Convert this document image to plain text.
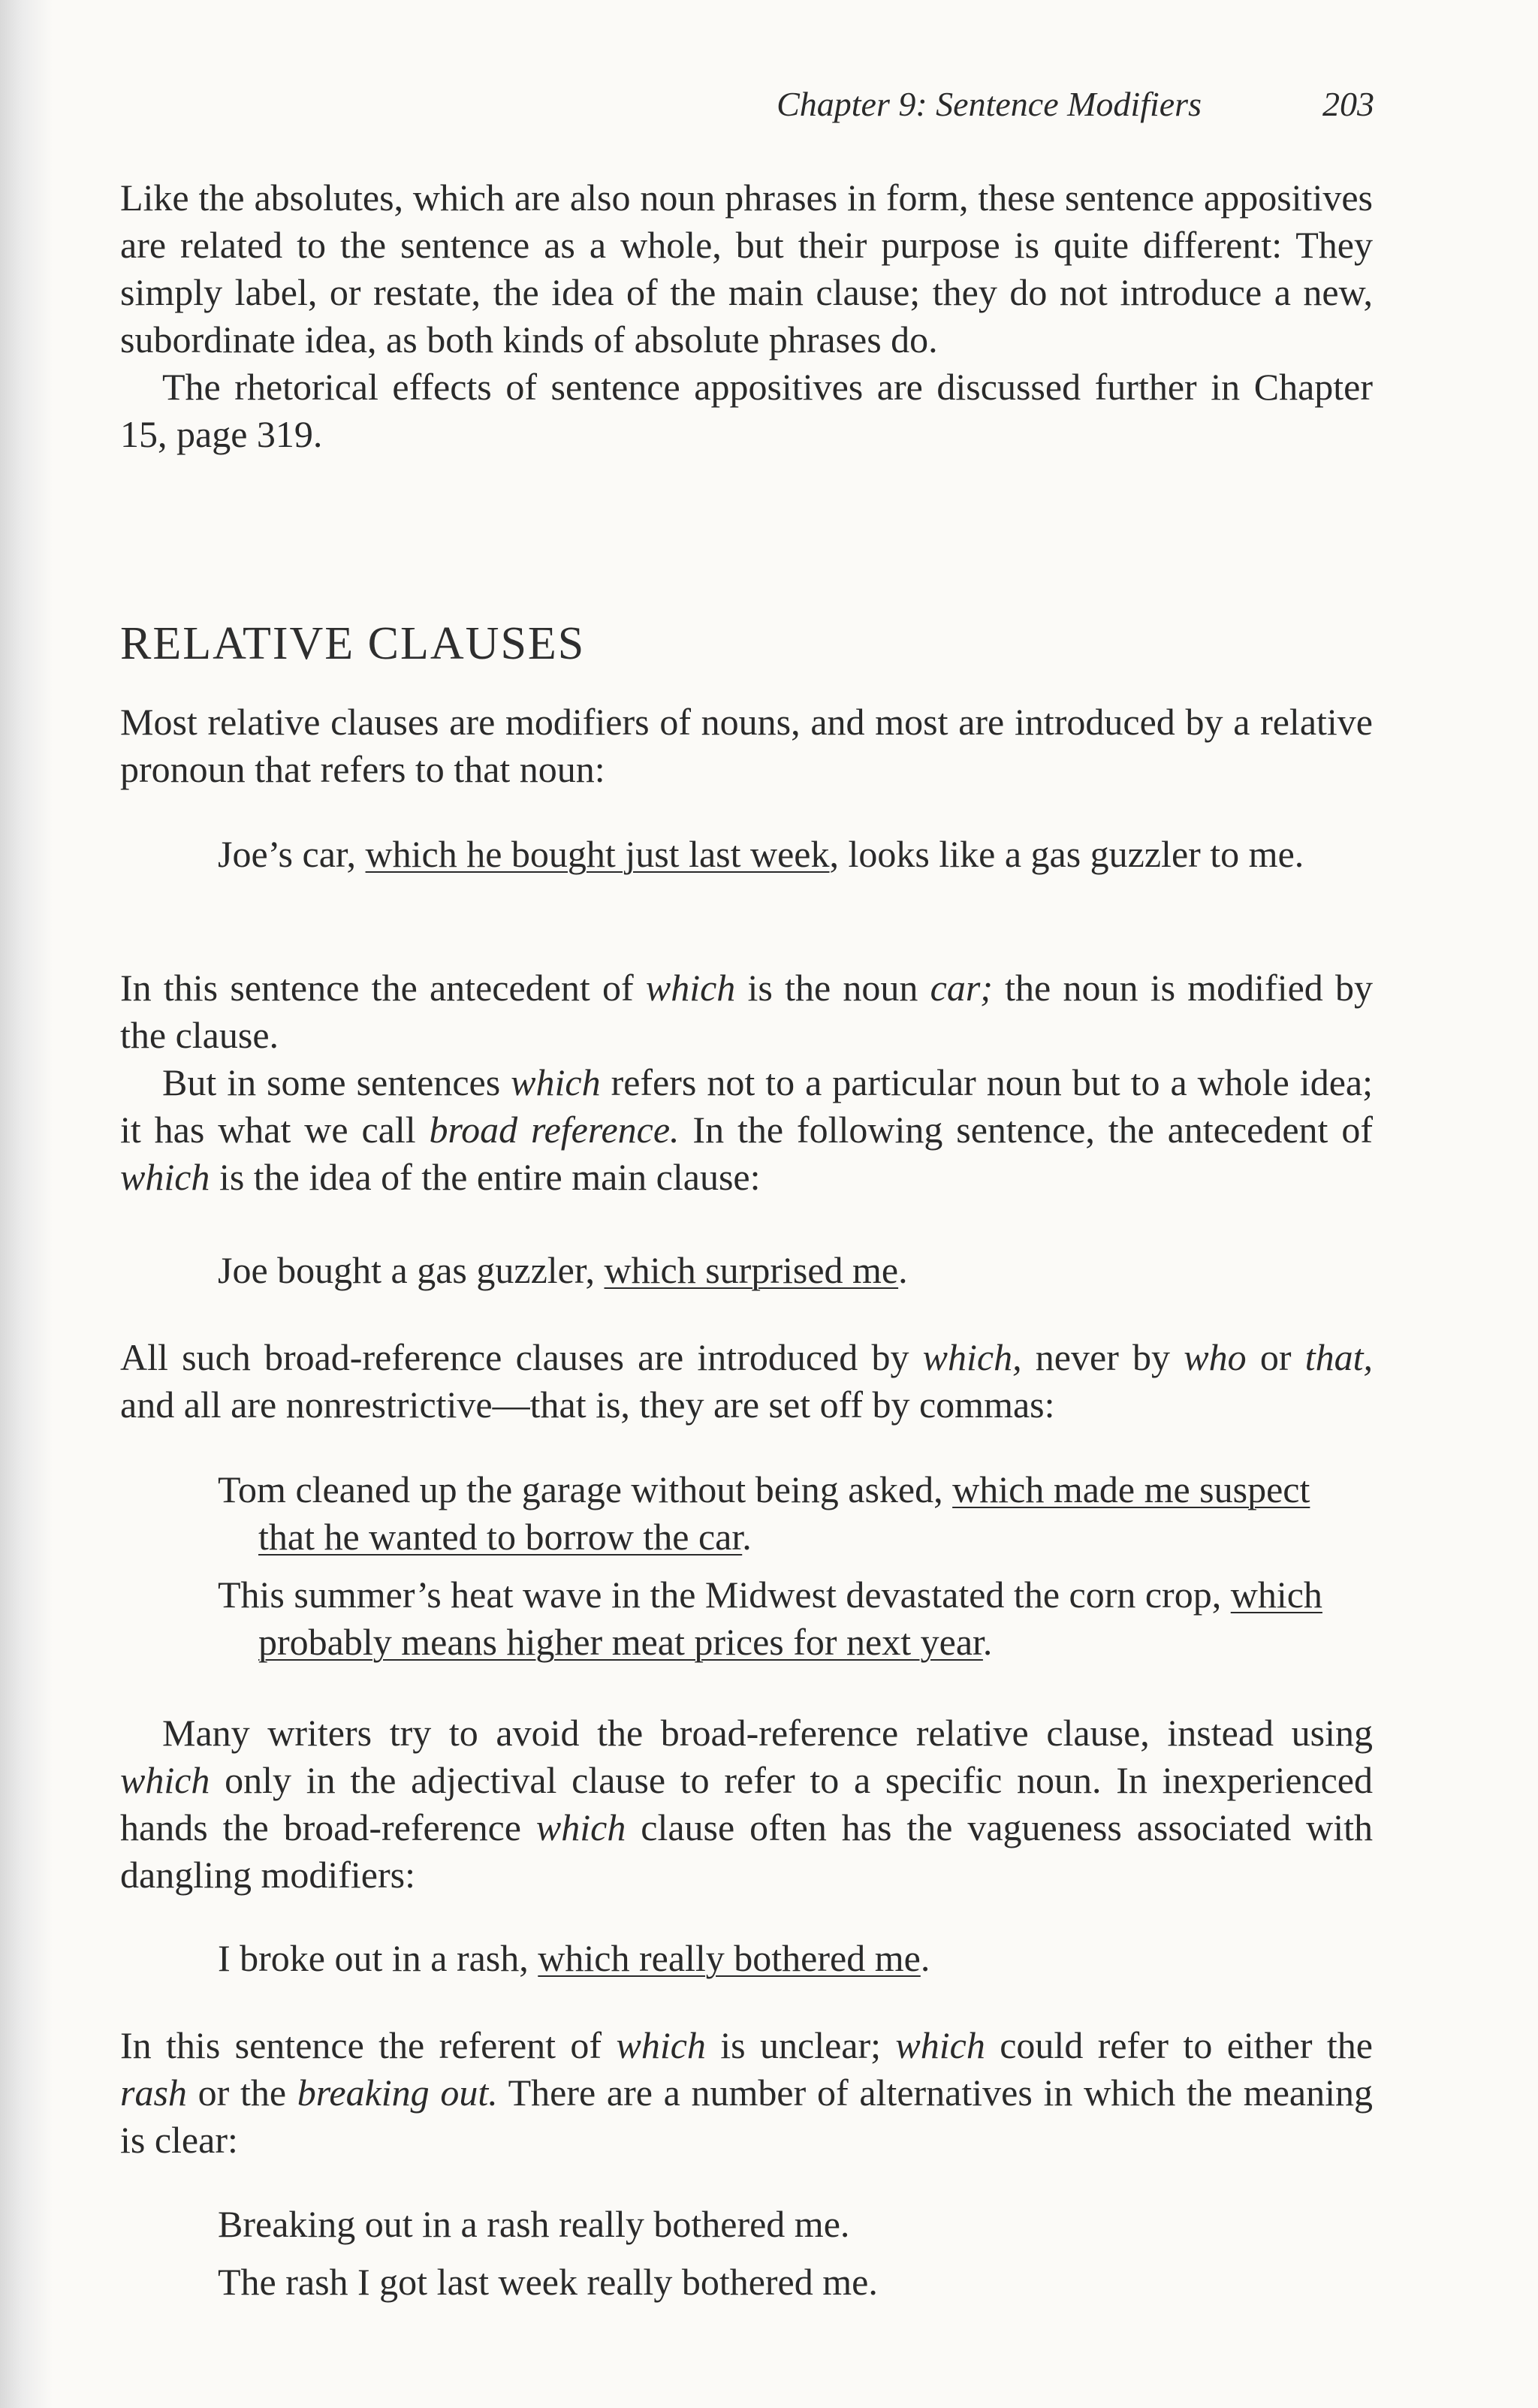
Chapter 9: Sentence Modifiers	203

Like the absolutes, which are also noun phrases in form, these sentence appositives are related to the sentence as a whole, but their purpose is quite different: They simply label, or restate, the idea of the main clause; they do not introduce a new, subordinate idea, as both kinds of absolute phrases do.

The rhetorical effects of sentence appositives are discussed further in Chapter 15, page 319.

RELATIVE CLAUSES

Most relative clauses are modifiers of nouns, and most are introduced by a relative pronoun that refers to that noun:

Joe’s car, which he bought just last week, looks like a gas guzzler to me.

In this sentence the antecedent of which is the noun car; the noun is modified by the clause.

But in some sentences which refers not to a particular noun but to a whole idea; it has what we call broad reference. In the following sentence, the antecedent of which is the idea of the entire main clause:

Joe bought a gas guzzler, which surprised me.

All such broad-reference clauses are introduced by which, never by who or that, and all are nonrestrictive—that is, they are set off by commas:

Tom cleaned up the garage without being asked, which made me suspect that he wanted to borrow the car.

This summer’s heat wave in the Midwest devastated the corn crop, which probably means higher meat prices for next year.

Many writers try to avoid the broad-reference relative clause, instead using which only in the adjectival clause to refer to a specific noun. In inexperienced hands the broad-reference which clause often has the vagueness associated with dangling modifiers:

I broke out in a rash, which really bothered me.

In this sentence the referent of which is unclear; which could refer to either the rash or the breaking out. There are a number of alternatives in which the meaning is clear:

Breaking out in a rash really bothered me.

The rash I got last week really bothered me.
